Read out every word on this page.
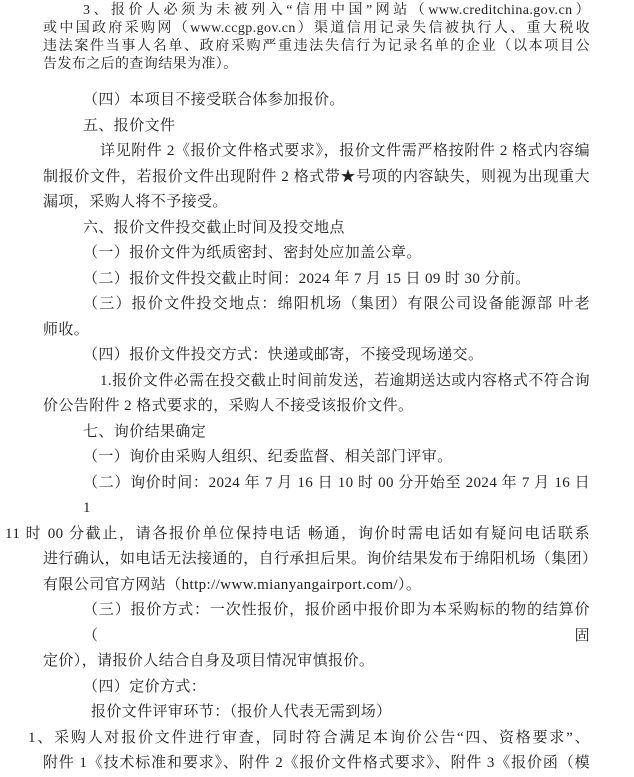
3、报价人必须为未被列入“信用中国”网站（www.creditchina.gov.cn）
或中国政府采购网（www.ccgp.gov.cn）渠道信用记录失信被执行人、重大税收
违法案件当事人名单、政府采购严重违法失信行为记录名单的企业（以本项目公
告发布之后的查询结果为准）。
（四）本项目不接受联合体参加报价。
五、报价文件
详见附件 2《报价文件格式要求》，报价文件需严格按附件 2 格式内容编
制报价文件，若报价文件出现附件 2 格式带★号项的内容缺失，则视为出现重大
漏项，采购人将不予接受。
六、报价文件投交截止时间及投交地点
（一）报价文件为纸质密封、密封处应加盖公章。
（二）报价文件投交截止时间：2024 年 7 月 15 日 09 时 30 分前。
（三）报价文件投交地点：绵阳机场（集团）有限公司设备能源部 叶老
师收。
（四）报价文件投交方式：快递或邮寄，不接受现场递交。
1.报价文件必需在投交截止时间前发送，若逾期送达或内容格式不符合询
价公告附件 2 格式要求的，采购人不接受该报价文件。
七、询价结果确定
（一）询价由采购人组织、纪委监督、相关部门评审。
（二）询价时间：2024 年 7 月 16 日 10 时 00 分开始至 2024 年 7 月 16 日 1
11 时 00 分截止，请各报价单位保持电话 畅通，询价时需电话如有疑问电话联系
进行确认，如电话无法接通的，自行承担后果。询价结果发布于绵阳机场（集团）
有限公司官方网站（http://www.mianyangairport.com/）。
（三）报价方式：一次性报价，报价函中报价即为本采购标的物的结算价（固
定价），请报价人结合自身及项目情况审慎报价。
（四）定价方式：
报价文件评审环节：（报价人代表无需到场）
1、采购人对报价文件进行审查，同时符合满足本询价公告“四、资格要求”、
附件 1《技术标准和要求》、附件 2《报价文件格式要求》、附件 3《报价函（模
